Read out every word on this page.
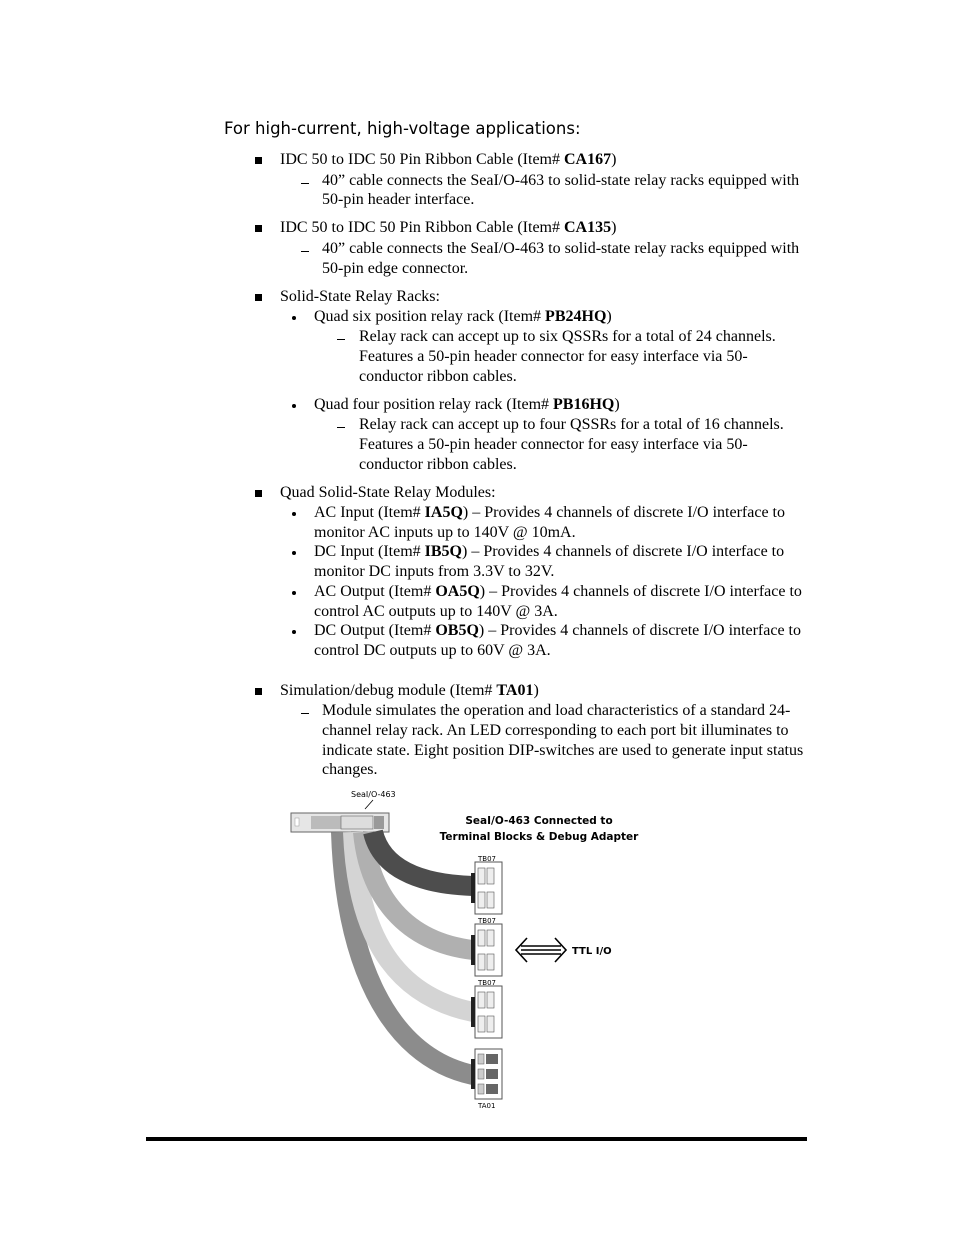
For high-current, high-voltage applications:
IDC 50 to IDC 50 Pin Ribbon Cable (Item# CA167)
40” cable connects the SeaI/O-463 to solid-state relay racks equipped with
50-pin header interface.
IDC 50 to IDC 50 Pin Ribbon Cable (Item# CA135)
40” cable connects the SeaI/O-463 to solid-state relay racks equipped with
50-pin edge connector.
Solid-State Relay Racks:
Quad six position relay rack (Item# PB24HQ)
Relay rack can accept up to six QSSRs for a total of 24 channels.
Features a 50-pin header connector for easy interface via 50-
conductor ribbon cables.
Quad four position relay rack (Item# PB16HQ)
Relay rack can accept up to four QSSRs for a total of 16 channels.
Features a 50-pin header connector for easy interface via 50-
conductor ribbon cables.
Quad Solid-State Relay Modules:
AC Input (Item# IA5Q) – Provides 4 channels of discrete I/O interface to
monitor AC inputs up to 140V @ 10mA.
DC Input (Item# IB5Q) – Provides 4 channels of discrete I/O interface to
monitor DC inputs from 3.3V to 32V.
AC Output (Item# OA5Q) – Provides 4 channels of discrete I/O interface to
control AC outputs up to 140V @ 3A.
DC Output (Item# OB5Q) – Provides 4 channels of discrete I/O interface to
control DC outputs up to 60V @ 3A.
Simulation/debug module (Item# TA01)
Module simulates the operation and load characteristics of a standard 24-
channel relay rack. An LED corresponding to each port bit illuminates to
indicate state. Eight position DIP-switches are used to generate input status
changes.
SeaI/O-463
TB07
TB07
TB07
TA01
TTL I/O
SeaI/O-463 Connected to
Terminal Blocks & Debug Adapter
